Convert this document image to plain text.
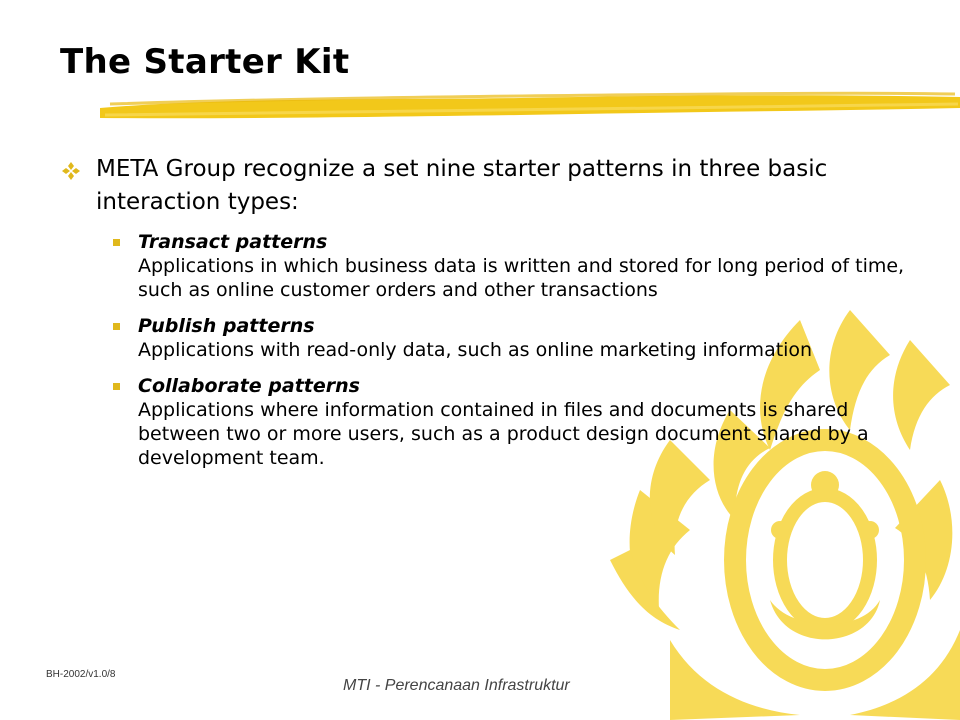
The Starter Kit
META Group recognize a set nine starter patterns in three basic interaction types:
Transact patterns
Applications in which business data is written and stored for long period of time, such as online customer orders and other transactions
Publish patterns
Applications with read-only data, such as online marketing information
Collaborate patterns
Applications where information contained in files and documents is shared between two or more users, such as a product design document shared by a development team.
BH-2002/v1.0/8
MTI - Perencanaan Infrastruktur
